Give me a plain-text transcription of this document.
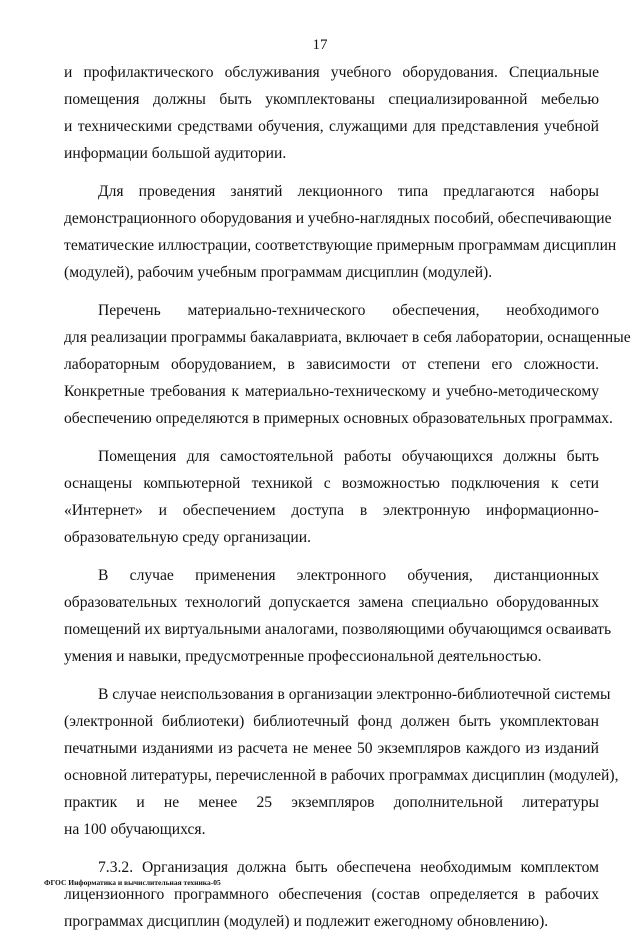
17

и профилактического обслуживания учебного оборудования. Специальные
помещения должны быть укомплектованы специализированной мебелью
и техническими средствами обучения, служащими для представления учебной
информации большой аудитории.

Для проведения занятий лекционного типа предлагаются наборы
демонстрационного оборудования и учебно-наглядных пособий, обеспечивающие
тематические иллюстрации, соответствующие примерным программам дисциплин
(модулей), рабочим учебным программам дисциплин (модулей).

Перечень материально-технического обеспечения, необходимого
для реализации программы бакалавриата, включает в себя лаборатории, оснащенные
лабораторным оборудованием, в зависимости от степени его сложности.
Конкретные требования к материально-техническому и учебно-методическому
обеспечению определяются в примерных основных образовательных программах.

Помещения для самостоятельной работы обучающихся должны быть
оснащены компьютерной техникой с возможностью подключения к сети
«Интернет» и обеспечением доступа в электронную информационно-
образовательную среду организации.

В случае применения электронного обучения, дистанционных
образовательных технологий допускается замена специально оборудованных
помещений их виртуальными аналогами, позволяющими обучающимся осваивать
умения и навыки, предусмотренные профессиональной деятельностью.

В случае неиспользования в организации электронно-библиотечной системы
(электронной библиотеки) библиотечный фонд должен быть укомплектован
печатными изданиями из расчета не менее 50 экземпляров каждого из изданий
основной литературы, перечисленной в рабочих программах дисциплин (модулей),
практик и не менее 25 экземпляров дополнительной литературы
на 100 обучающихся.

7.3.2. Организация должна быть обеспечена необходимым комплектом
лицензионного программного обеспечения (состав определяется в рабочих
программах дисциплин (модулей) и подлежит ежегодному обновлению).

ФГОС Информатика и вычислительная техника-05
